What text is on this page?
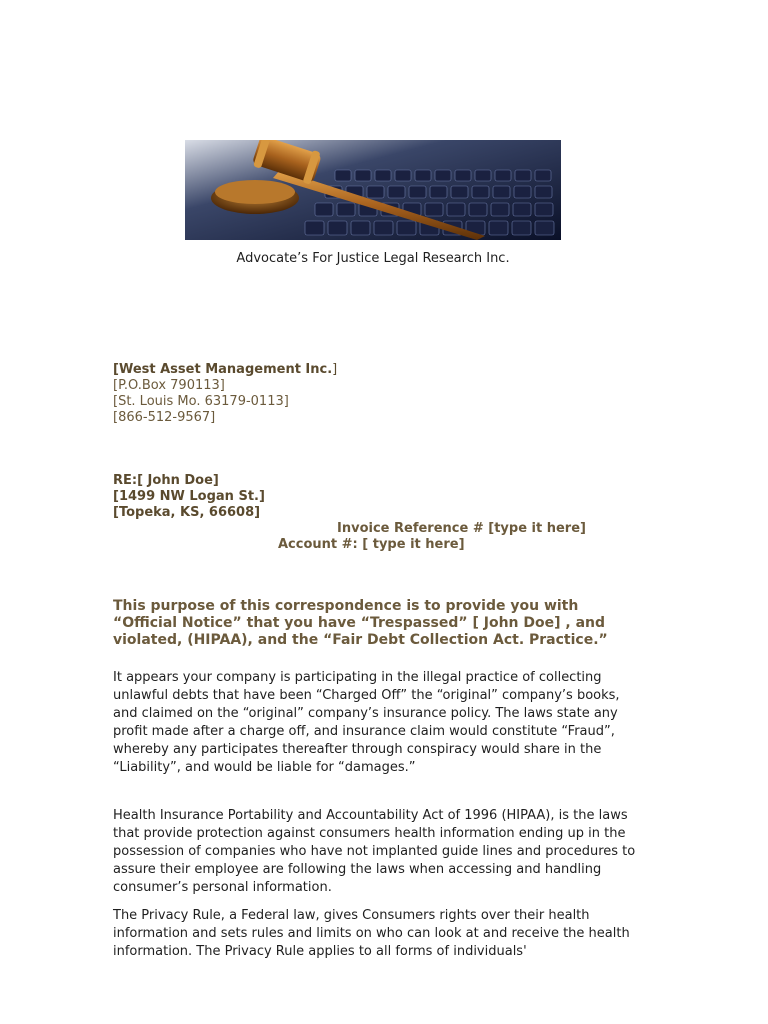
Advocate’s For Justice Legal Research Inc.
[West Asset Management Inc.]
[P.O.Box 790113]
[St. Louis Mo. 63179-0113]
[866-512-9567]
RE:[ John Doe]
[1499 NW Logan St.]
[Topeka, KS, 66608]
Invoice Reference # [type it here]
Account #: [ type it here]
This purpose of this correspondence is to provide you with “Official Notice” that you have “Trespassed” [ John Doe] , and violated, (HIPAA), and the “Fair Debt Collection Act. Practice.”
It appears your company is participating in the illegal practice of collecting unlawful debts that have been “Charged Off” the “original” company’s books, and claimed on the “original” company’s insurance policy. The laws state any profit made after a charge off, and insurance claim would constitute “Fraud”, whereby any participates thereafter through conspiracy would share in the “Liability”, and would be liable for “damages.”
Health Insurance Portability and Accountability Act of 1996 (HIPAA), is the laws that provide protection against consumers health information ending up in the possession of companies who have not implanted guide lines and procedures to assure their employee are following the laws when accessing and handling consumer’s personal information.
The Privacy Rule, a Federal law, gives Consumers rights over their health information and sets rules and limits on who can look at and receive the health information. The Privacy Rule applies to all forms of individuals'
